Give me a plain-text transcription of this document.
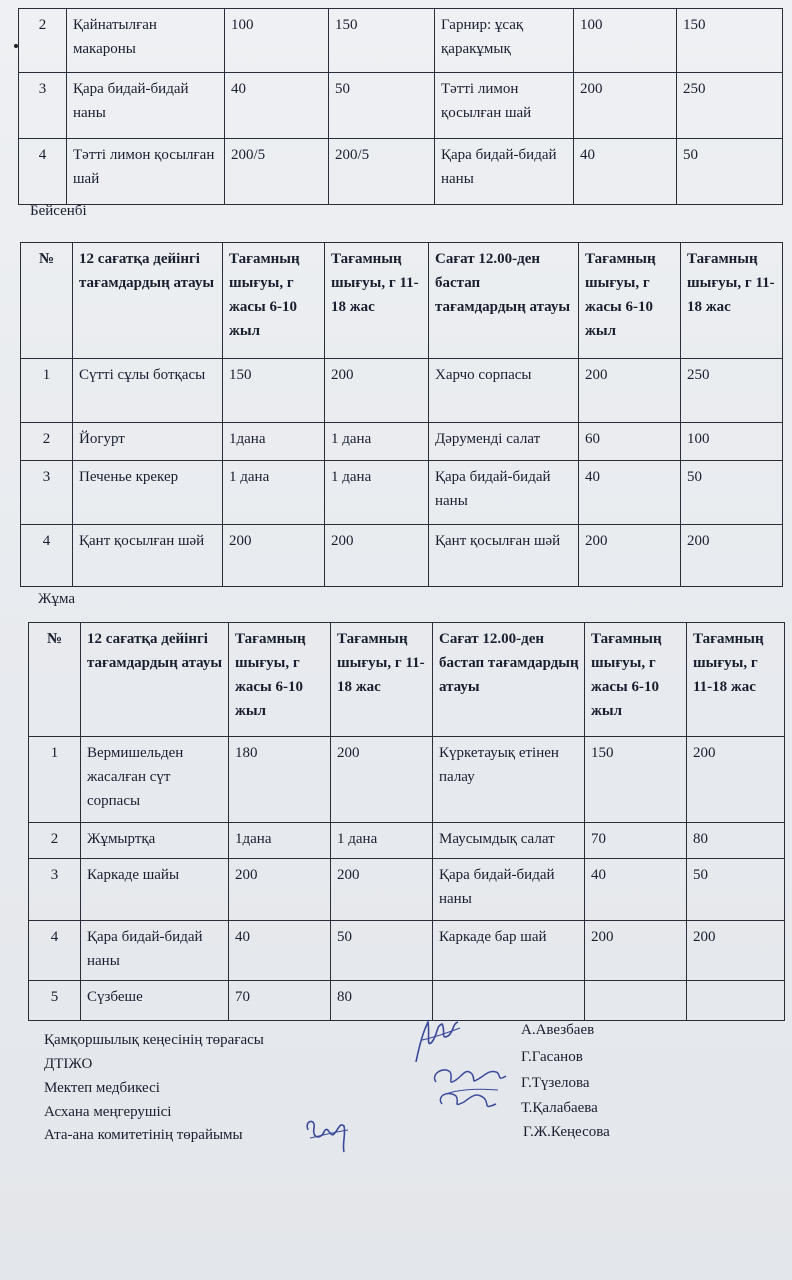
2	Қайнатылған макароны	100	150	Гарнир: ұсақ қаракұмық	100	150
3	Қара бидай-бидай наны	40	50	Тәтті лимон қосылған шай	200	250
4	Тәтті лимон қосылған шай	200/5	200/5	Қара бидай-бидай наны	40	50
Бейсенбі
№	12 сағатқа дейінгі тағамдардың атауы	Тағамның шығуы, г жасы 6-10 жыл	Тағамның шығуы, г 11-18 жас	Сағат 12.00-ден бастап тағамдардың атауы	Тағамның шығуы, г жасы 6-10 жыл	Тағамның шығуы, г 11-18 жас
1	Сүтті сұлы ботқасы	150	200	Харчо сорпасы	200	250
2	Йогурт	1дана	1 дана	Дәруменді салат	60	100
3	Печенье крекер	1 дана	1 дана	Қара бидай-бидай наны	40	50
4	Қант қосылған шәй	200	200	Қант қосылған шәй	200	200
Жұма
№	12 сағатқа дейінгі тағамдардың атауы	Тағамның шығуы, г жасы 6-10 жыл	Тағамның шығуы, г 11-18 жас	Сағат 12.00-ден бастап тағамдардың атауы	Тағамның шығуы, г жасы 6-10 жыл	Тағамның шығуы, г 11-18 жас
1	Вермишельден жасалған сүт сорпасы	180	200	Күркетауық етінен палау	150	200
2	Жұмыртқа	1дана	1 дана	Маусымдық салат	70	80
3	Каркаде шайы	200	200	Қара бидай-бидай наны	40	50
4	Қара бидай-бидай наны	40	50	Каркаде бар шай	200	200
5	Сүзбеше	70	80			
Қамқоршылық кеңесінің төрағасы
А.Авезбаев
ДТІЖО	Г.Гасанов
Мектеп медбикесі	Г.Түзелова
Асхана меңгерушісі	Т.Қалабаева
Ата-ана комитетінің төрайымы	Г.Ж.Кеңесова
